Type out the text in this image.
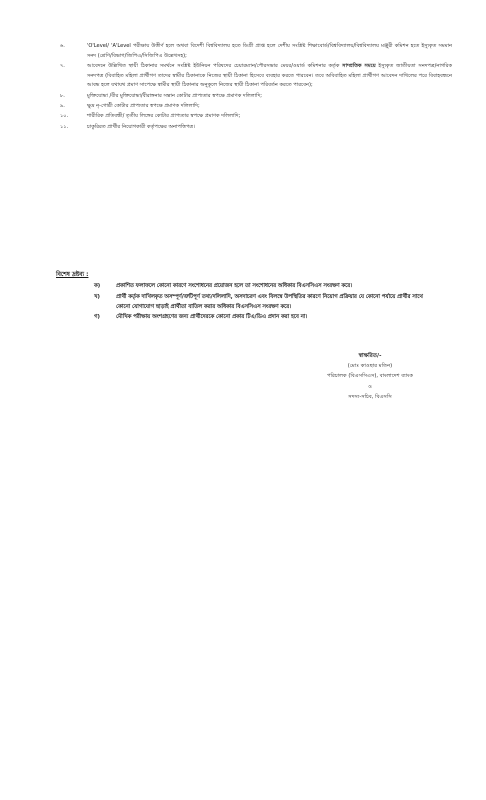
৬.	'O'Level/ 'A'Level পরীক্ষায় উত্তীর্ণ হলে অথবা বিদেশী বিশ্ববিদ্যালয় হতে ডিগ্রী প্রাপ্ত হলে দেশীয় সংশ্লিষ্ট শিক্ষাবোর্ড/বিশ্ববিদ্যালয়/বিশ্ববিদ্যালয় মঞ্জুরী কমিশন হতে ইস্যুকৃত সমমান সনদ (শ্রেণি/বিভাগ/জিপিএ/সিজিপিএ উল্লেখসহ);
৭.	আবেদনে উল্লিখিত স্থায়ী ঠিকানার সমর্থনে সংশ্লিষ্ট ইউনিয়ন পরিষদের চেয়ারম্যান/পৌরসভার মেয়র/ওয়ার্ড কমিশনার কর্তৃক সাম্প্রতিক সময়ে ইস্যুকৃত জাতীয়তা সনদপত্র/নাগরিক সনদপত্র (বিবাহিত মহিলা প্রার্থীগণ তাদের স্বামীর ঠিকানাকে নিজের স্থায়ী ঠিকানা হিসেবে ব্যবহার করতে পারবেন। তবে অবিবাহিত মহিলা প্রার্থীগণ আবেদন দাখিলের পরে বিবাহবন্ধনে আবদ্ধ হলে যথাযথ প্রমাণ সাপেক্ষে স্বামীর স্থায়ী ঠিকানার অনুকূলে নিজের স্থায়ী ঠিকানা পরিবর্তন করতে পারবেন);
৮.	মুক্তিযোদ্ধা /বীর মুক্তিযোদ্ধা/বীরাঙ্গনার সন্তান কোটার প্রাপ্যতার স্বপক্ষে প্রমাণক দলিলাদি;
৯.	ক্ষুদ্র নৃ-গোষ্ঠী কোটার প্রাপ্যতার স্বপক্ষে প্রমাণক দলিলাদি;
১০.	শারীরিক প্রতিবন্ধী/ তৃতীয় লিঙ্গের কোটার প্রাপ্যতার স্বপক্ষে প্রমাণক দলিলাদি;
১১.	চাকুরিরত প্রার্থীর নিয়োগকারী কর্তৃপক্ষের অনাপত্তিপত্র।
বিশেষ দ্রষ্টব্য :
ক)	প্রকাশিত ফলাফলে কোনো কারণে সংশোধনের প্রয়োজন হলে তা সংশোধনের অধিকার বিএসসিএস সংরক্ষণ করে।
খ)	প্রার্থী কর্তৃক দাখিলকৃত অসম্পূর্ণ/ত্রুটিপূর্ণ তথ্য/দলিলাদি, অসদাচরণ এবং বিলম্বে উপস্থিতির কারণে নিয়োগ প্রক্রিয়ার যে কোনো পর্যায়ে প্রার্থীর সাথে কোনো যোগাযোগ ছাড়াই প্রার্থীতা বাতিল করার অধিকার বিএসসিএস সংরক্ষণ করে।
গ)	মৌখিক পরীক্ষায় অংশগ্রহণের জন্য প্রার্থীদেরকে কোনো প্রকার টিএ/ডিএ প্রদান করা হবে না।
স্বাক্ষরিত/-
(মোঃ কাওছার মতিন)
পরিচালক (বিএসসিএস), বাংলাদেশ ব্যাংক
ও
সদস্য-সচিব, বিএসসি
